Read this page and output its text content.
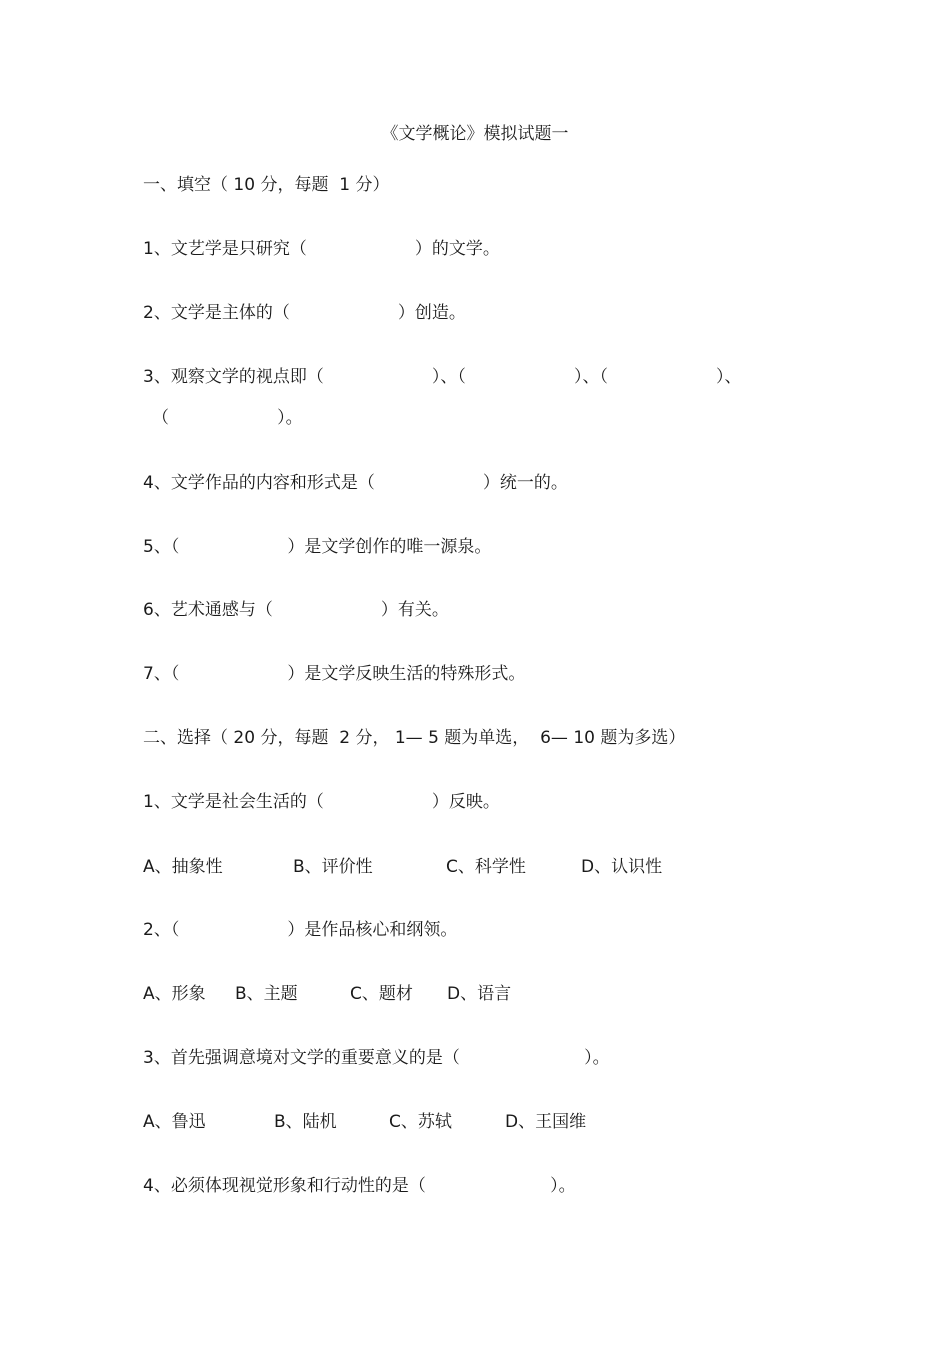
《文学概论》模拟试题一
一、填空（ 10 分，每题  1 分）
1、文艺学是只研究（                    ）的文学。
2、文学是主体的（                    ）创造。
3、观察文学的视点即（                    ）、（                    ）、（                    ）、
（                    ）。
4、文学作品的内容和形式是（                    ）统一的。
5、（                    ）是文学创作的唯一源泉。
6、艺术通感与（                    ）有关。
7、（                    ）是文学反映生活的特殊形式。
二、选择（ 20 分，每题  2 分， 1— 5 题为单选，  6— 10 题为多选）
1、文学是社会生活的（                    ）反映。
A、抽象性	B、评价性	C、科学性	D、认识性
2、（                    ）是作品核心和纲领。
A、形象 B、主题	C、题材 D、语言
3、首先强调意境对文学的重要意义的是（                       ）。
A、鲁迅	B、陆机	C、苏轼	D、王国维
4、必须体现视觉形象和行动性的是（                       ）。
